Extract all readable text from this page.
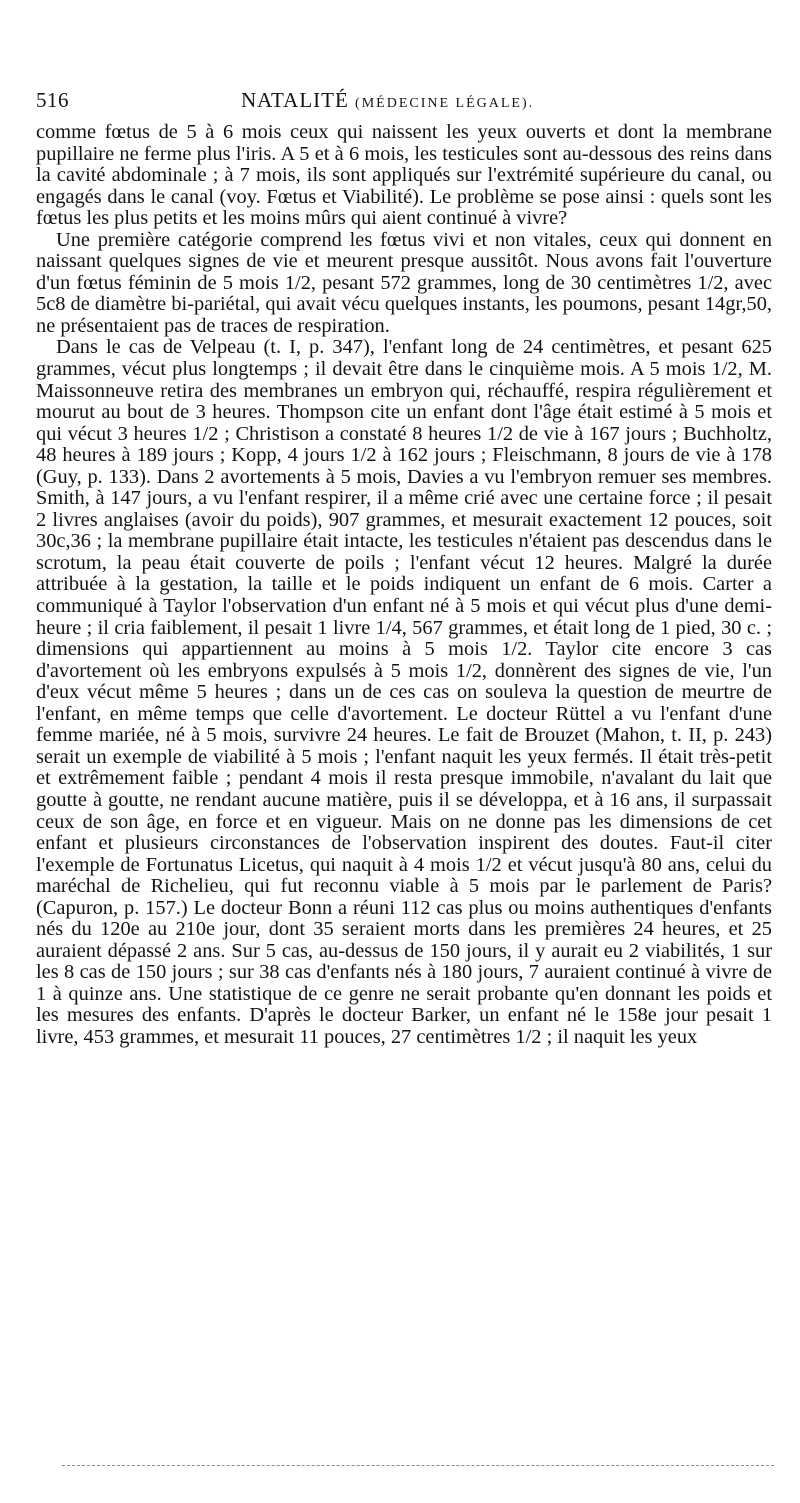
516	NATALITÉ (MÉDECINE LÉGALE).

comme fœtus de 5 à 6 mois ceux qui naissent les yeux ouverts et dont la membrane pupillaire ne ferme plus l'iris. A 5 et à 6 mois, les testicules sont au-dessous des reins dans la cavité abdominale ; à 7 mois, ils sont appliqués sur l'extrémité supérieure du canal, ou engagés dans le canal (voy. Fœtus et Viabilité). Le problème se pose ainsi : quels sont les fœtus les plus petits et les moins mûrs qui aient continué à vivre?

Une première catégorie comprend les fœtus vivi et non vitales, ceux qui donnent en naissant quelques signes de vie et meurent presque aussitôt. Nous avons fait l'ouverture d'un fœtus féminin de 5 mois 1/2, pesant 572 grammes, long de 30 centimètres 1/2, avec 5c8 de diamètre bi-pariétal, qui avait vécu quelques instants, les poumons, pesant 14gr,50, ne présentaient pas de traces de respiration.

Dans le cas de Velpeau (t. I, p. 347), l'enfant long de 24 centimètres, et pesant 625 grammes, vécut plus longtemps ; il devait être dans le cinquième mois. A 5 mois 1/2, M. Maissonneuve retira des membranes un embryon qui, réchauffé, respira régulièrement et mourut au bout de 3 heures. Thompson cite un enfant dont l'âge était estimé à 5 mois et qui vécut 3 heures 1/2 ; Christison a constaté 8 heures 1/2 de vie à 167 jours ; Buchholtz, 48 heures à 189 jours ; Kopp, 4 jours 1/2 à 162 jours ; Fleischmann, 8 jours de vie à 178 (Guy, p. 133). Dans 2 avortements à 5 mois, Davies a vu l'embryon remuer ses membres. Smith, à 147 jours, a vu l'enfant respirer, il a même crié avec une certaine force ; il pesait 2 livres anglaises (avoir du poids), 907 grammes, et mesurait exactement 12 pouces, soit 30c,36 ; la membrane pupillaire était intacte, les testicules n'étaient pas descendus dans le scrotum, la peau était couverte de poils ; l'enfant vécut 12 heures. Malgré la durée attribuée à la gestation, la taille et le poids indiquent un enfant de 6 mois. Carter a communiqué à Taylor l'observation d'un enfant né à 5 mois et qui vécut plus d'une demi-heure ; il cria faiblement, il pesait 1 livre 1/4, 567 grammes, et était long de 1 pied, 30 c. ; dimensions qui appartiennent au moins à 5 mois 1/2. Taylor cite encore 3 cas d'avortement où les embryons expulsés à 5 mois 1/2, donnèrent des signes de vie, l'un d'eux vécut même 5 heures ; dans un de ces cas on souleva la question de meurtre de l'enfant, en même temps que celle d'avortement. Le docteur Rüttel a vu l'enfant d'une femme mariée, né à 5 mois, survivre 24 heures. Le fait de Brouzet (Mahon, t. II, p. 243) serait un exemple de viabilité à 5 mois ; l'enfant naquit les yeux fermés. Il était très-petit et extrêmement faible ; pendant 4 mois il resta presque immobile, n'avalant du lait que goutte à goutte, ne rendant aucune matière, puis il se développa, et à 16 ans, il surpassait ceux de son âge, en force et en vigueur. Mais on ne donne pas les dimensions de cet enfant et plusieurs circonstances de l'observation inspirent des doutes. Faut-il citer l'exemple de Fortunatus Licetus, qui naquit à 4 mois 1/2 et vécut jusqu'à 80 ans, celui du maréchal de Richelieu, qui fut reconnu viable à 5 mois par le parlement de Paris? (Capuron, p. 157.) Le docteur Bonn a réuni 112 cas plus ou moins authentiques d'enfants nés du 120e au 210e jour, dont 35 seraient morts dans les premières 24 heures, et 25 auraient dépassé 2 ans. Sur 5 cas, au-dessus de 150 jours, il y aurait eu 2 viabilités, 1 sur les 8 cas de 150 jours ; sur 38 cas d'enfants nés à 180 jours, 7 auraient continué à vivre de 1 à quinze ans. Une statistique de ce genre ne serait probante qu'en donnant les poids et les mesures des enfants. D'après le docteur Barker, un enfant né le 158e jour pesait 1 livre, 453 grammes, et mesurait 11 pouces, 27 centimètres 1/2 ; il naquit les yeux
